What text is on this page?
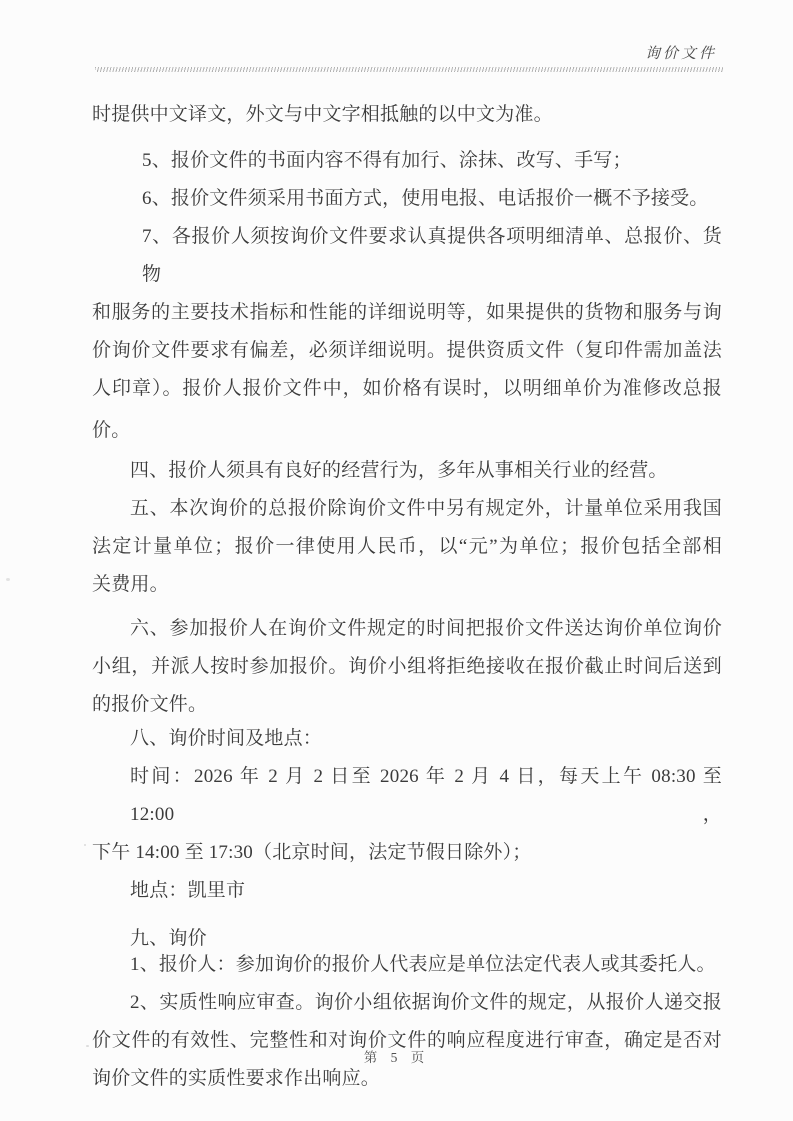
询价文件
时提供中文译文，外文与中文字相抵触的以中文为准。
5、报价文件的书面内容不得有加行、涂抹、改写、手写；
6、报价文件须采用书面方式，使用电报、电话报价一概不予接受。
7、各报价人须按询价文件要求认真提供各项明细清单、总报价、货物
和服务的主要技术指标和性能的详细说明等，如果提供的货物和服务与询
价询价文件要求有偏差，必须详细说明。提供资质文件（复印件需加盖法
人印章）。报价人报价文件中，如价格有误时，以明细单价为准修改总报
价。
四、报价人须具有良好的经营行为，多年从事相关行业的经营。
五、本次询价的总报价除询价文件中另有规定外，计量单位采用我国
法定计量单位；报价一律使用人民币，以“元”为单位；报价包括全部相
关费用。
六、参加报价人在询价文件规定的时间把报价文件送达询价单位询价
小组，并派人按时参加报价。询价小组将拒绝接收在报价截止时间后送到
的报价文件。
八、询价时间及地点：
时间：2026 年 2 月 2 日至 2026 年 2 月 4 日，每天上午 08:30 至 12:00，
下午 14:00 至 17:30（北京时间，法定节假日除外）；
地点：凯里市
九、询价
1、报价人：参加询价的报价人代表应是单位法定代表人或其委托人。
2、实质性响应审查。询价小组依据询价文件的规定，从报价人递交报
价文件的有效性、完整性和对询价文件的响应程度进行审查，确定是否对
询价文件的实质性要求作出响应。
第 5 页
